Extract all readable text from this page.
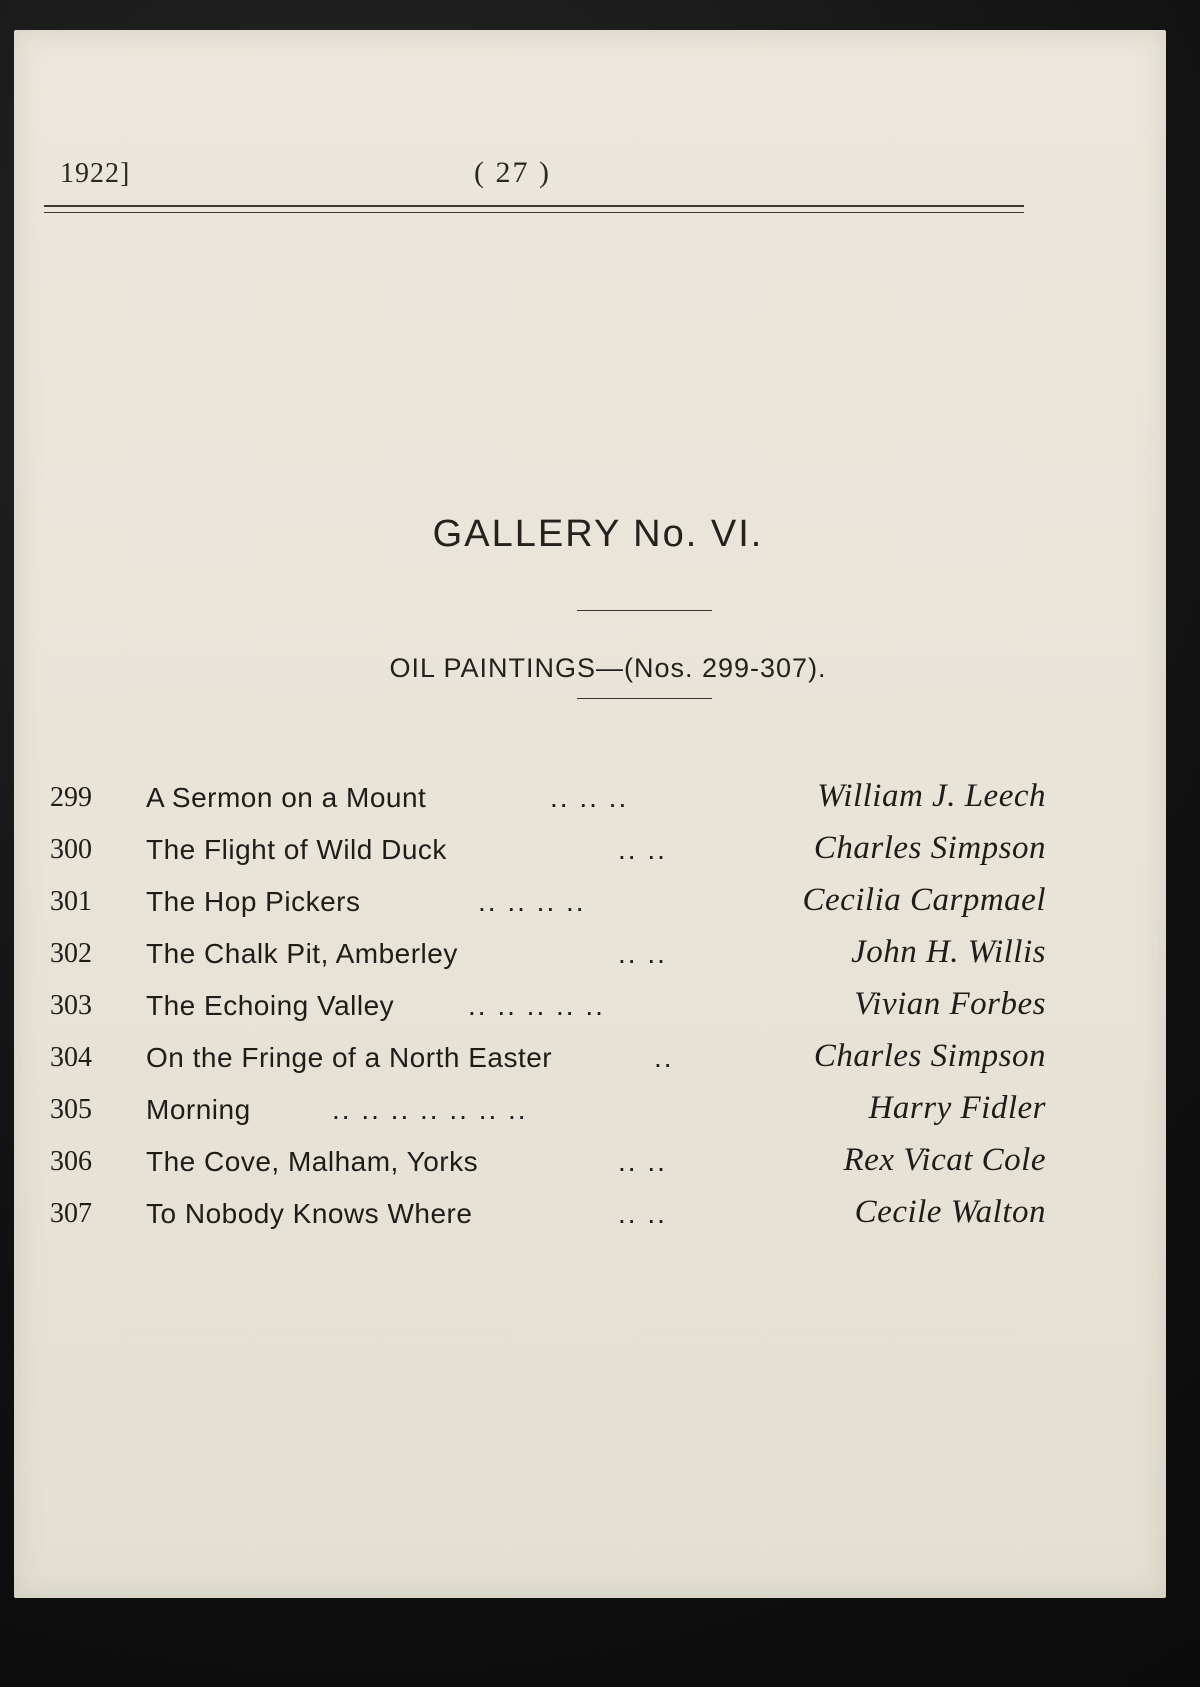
1922]	( 27 )
GALLERY No. VI.
OIL PAINTINGS—(Nos. 299-307).
299 A Sermon on a Mount	.. .. ..	William J. Leech
300 The Flight of Wild Duck	.. ..	Charles Simpson
301 The Hop Pickers	.. .. .. ..	Cecilia Carpmael
302 The Chalk Pit, Amberley	.. ..	John H. Willis
303 The Echoing Valley	.. .. .. .. ..	Vivian Forbes
304 On the Fringe of a North Easter	..	Charles Simpson
305 Morning	.. .. .. .. .. .. ..	Harry Fidler
306 The Cove, Malham, Yorks	.. ..	Rex Vicat Cole
307 To Nobody Knows Where	.. ..	Cecile Walton
